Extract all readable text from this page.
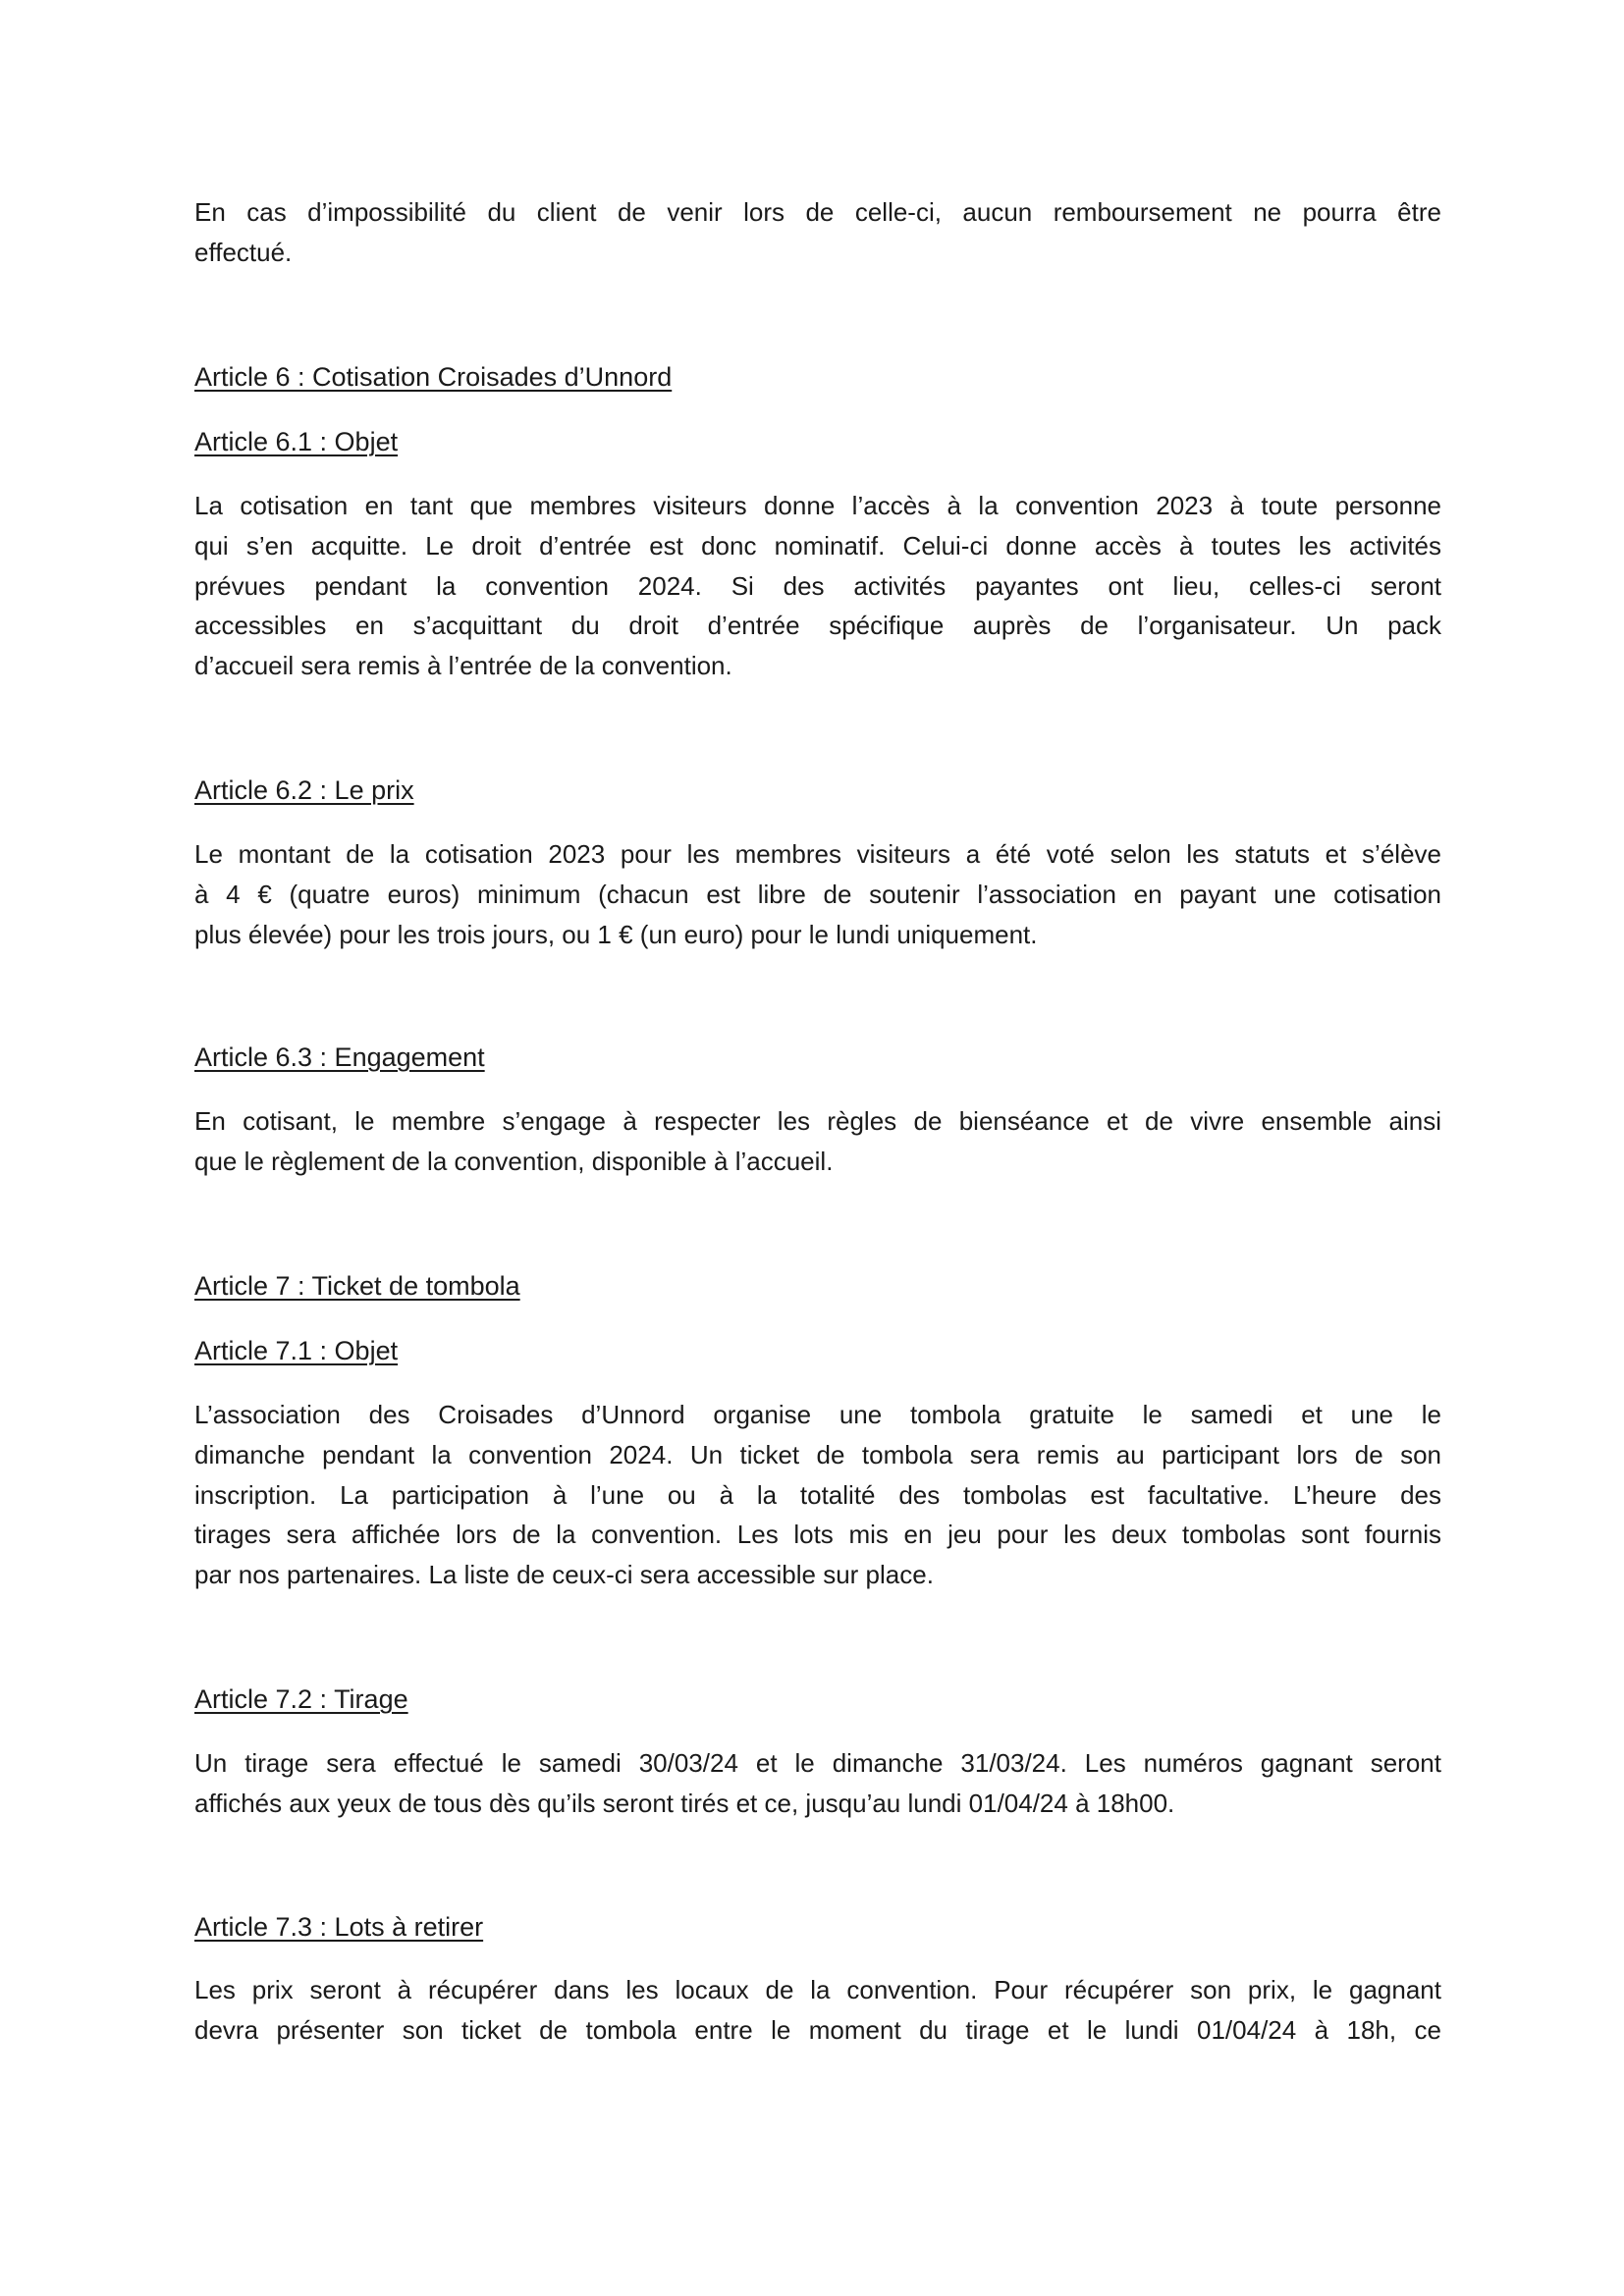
En cas d’impossibilité du client de venir lors de celle-ci, aucun remboursement ne pourra être
effectué.
Article 6 : Cotisation Croisades d’Unnord
Article 6.1 : Objet
La cotisation en tant que membres visiteurs donne l’accès à la convention 2023 à toute personne
qui s’en acquitte. Le droit d’entrée est donc nominatif. Celui-ci donne accès à toutes les activités
prévues pendant la convention 2024. Si des activités payantes ont lieu, celles-ci seront
accessibles en s’acquittant du droit d’entrée spécifique auprès de l’organisateur. Un pack
d’accueil sera remis à l’entrée de la convention.
Article 6.2 : Le prix
Le montant de la cotisation 2023 pour les membres visiteurs a été voté selon les statuts et s’élève
à 4 € (quatre euros) minimum (chacun est libre de soutenir l’association en payant une cotisation
plus élevée) pour les trois jours, ou 1 € (un euro) pour le lundi uniquement.
Article 6.3 : Engagement
En cotisant, le membre s’engage à respecter les règles de bienséance et de vivre ensemble ainsi
que le règlement de la convention, disponible à l’accueil.
Article 7 : Ticket de tombola
Article 7.1 : Objet
L’association des Croisades d’Unnord organise une tombola gratuite le samedi et une le
dimanche pendant la convention 2024. Un ticket de tombola sera remis au participant lors de son
inscription. La participation à l’une ou à la totalité des tombolas est facultative. L’heure des
tirages sera affichée lors de la convention. Les lots mis en jeu pour les deux tombolas sont fournis
par nos partenaires. La liste de ceux-ci sera accessible sur place.
Article 7.2 : Tirage
Un tirage sera effectué le samedi 30/03/24 et le dimanche 31/03/24. Les numéros gagnant seront
affichés aux yeux de tous dès qu’ils seront tirés et ce, jusqu’au lundi 01/04/24 à 18h00.
Article 7.3 : Lots à retirer
Les prix seront à récupérer dans les locaux de la convention. Pour récupérer son prix, le gagnant
devra présenter son ticket de tombola entre le moment du tirage et le lundi 01/04/24 à 18h, ce
